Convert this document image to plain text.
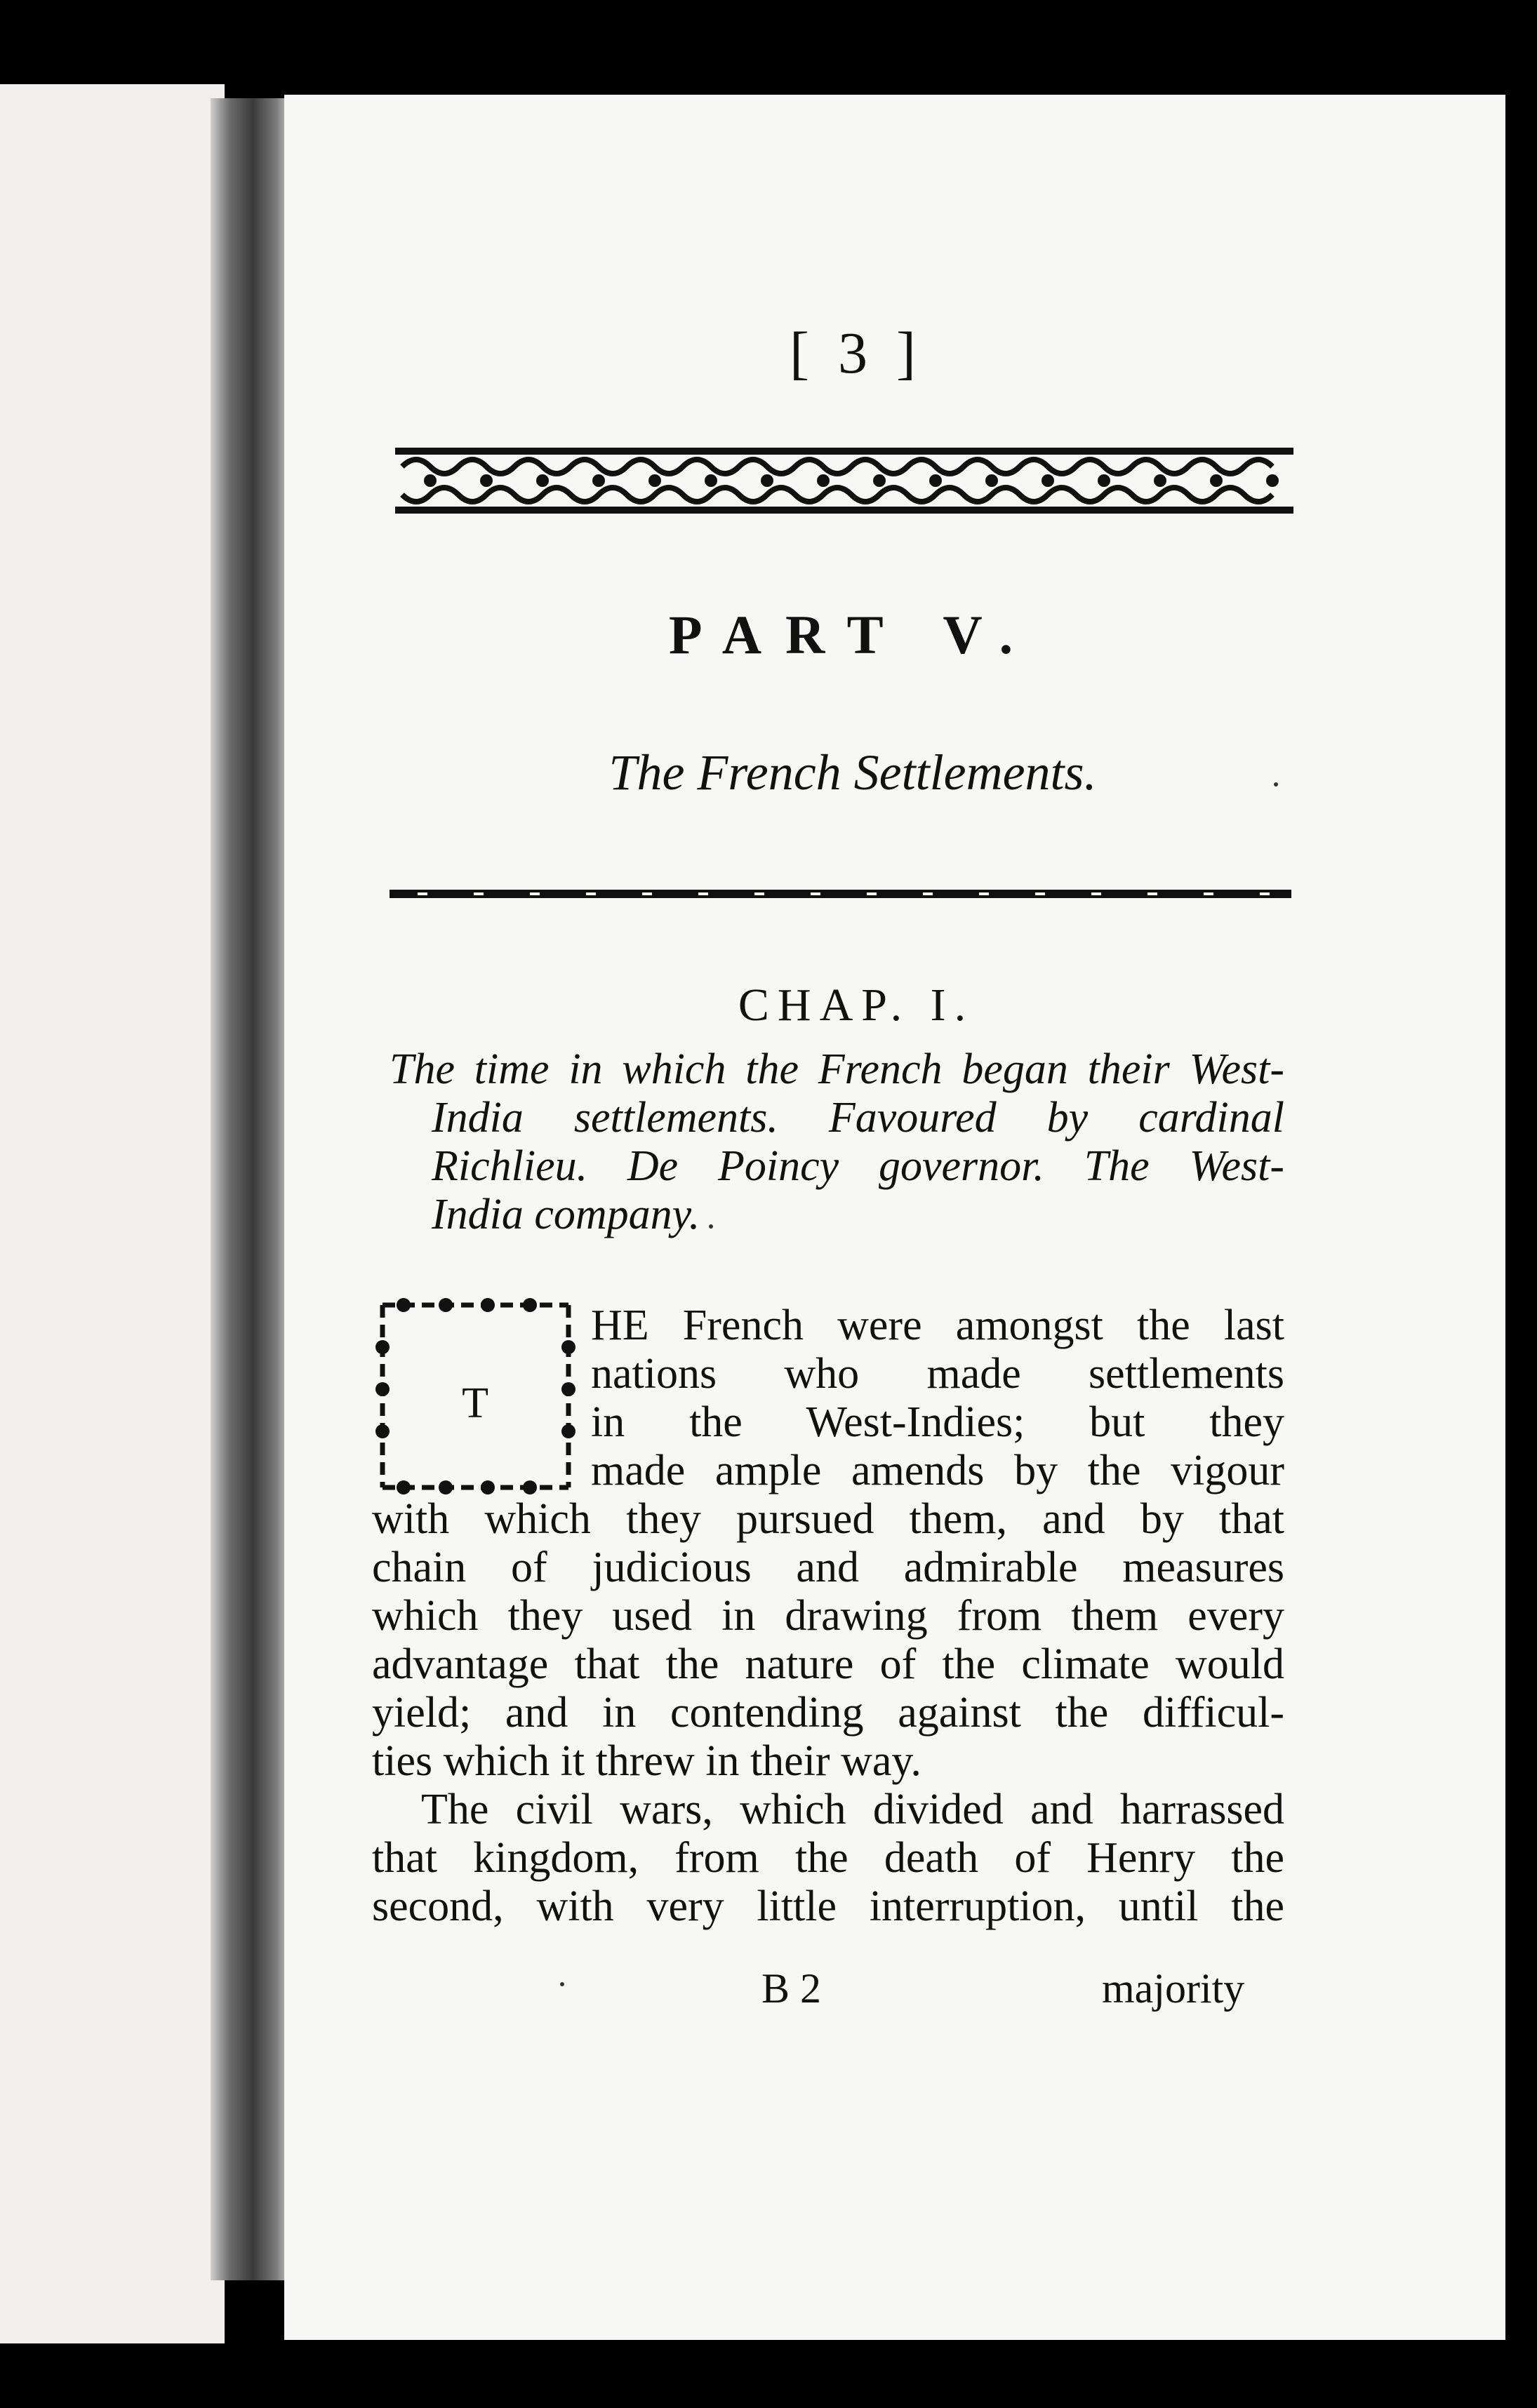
[ 3 ]
PART V.
The French Settlements.
CHAP. I.
The time in which the French began their West-
India settlements. Favoured by cardinal
Richlieu. De Poincy governor. The West-
India company.
T
HE French were amongst the last
nations who made settlements
in the West-Indies; but they
made ample amends by the vigour
with which they pursued them, and by that
chain of judicious and admirable measures
which they used in drawing from them every
advantage that the nature of the climate would
yield; and in contending against the difficul-
ties which it threw in their way.
The civil wars, which divided and harrassed
that kingdom, from the death of Henry the
second, with very little interruption, until the
B 2	majority
